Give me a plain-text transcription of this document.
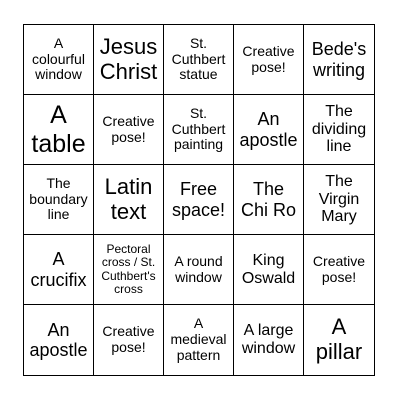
A colourful window
Jesus Christ
St. Cuthbert statue
Creative pose!
Bede's writing
A table
Creative pose!
St. Cuthbert painting
An apostle
The dividing line
The boundary line
Latin text
Free space!
The Chi Ro
The Virgin Mary
A crucifix
Pectoral cross / St. Cuthbert's cross
A round window
King Oswald
Creative pose!
An apostle
Creative pose!
A medieval pattern
A large window
A pillar
